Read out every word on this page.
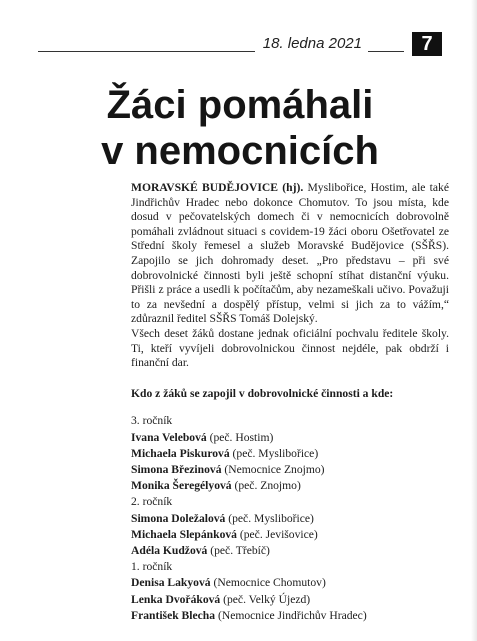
18. ledna 2021	7
Žáci pomáhali
v nemocnicích

MORAVSKÉ BUDĚJOVICE (hj). Myslibořice, Hostim, ale také Jindřichův Hradec nebo dokonce Chomutov. To jsou místa, kde dosud v pečovatelských domech či v nemocnicích dobrovolně pomáhali zvládnout situaci s covidem-19 žáci oboru Ošetřovatel ze Střední školy řemesel a služeb Moravské Budějovice (SŠŘS). Zapojilo se jich dohromady deset. „Pro představu – při své dobrovolnické činnosti byli ještě schopní stíhat distanční výuku. Přišli z práce a usedli k počítačům, aby nezameškali učivo. Považuji to za nevšední a dospělý přístup, velmi si jich za to vážím,“ zdůraznil ředitel SŠŘS Tomáš Dolejský.

Všech deset žáků dostane jednak oficiální pochvalu ředitele školy. Ti, kteří vyvíjeli dobrovolnickou činnost nejdéle, pak obdrží i finanční dar.

Kdo z žáků se zapojil v dobrovolnické činnosti a kde:

3. ročník
Ivana Velebová (peč. Hostim)
Michaela Piskurová (peč. Myslibořice)
Simona Březinová (Nemocnice Znojmo)
Monika Šeregélyová (peč. Znojmo)
2. ročník
Simona Doležalová (peč. Myslibořice)
Michaela Slepánková (peč. Jevišovice)
Adéla Kudžová (peč. Třebíč)
1. ročník
Denisa Lakyová (Nemocnice Chomutov)
Lenka Dvořáková (peč. Velký Újezd)
František Blecha (Nemocnice Jindřichův Hradec)
